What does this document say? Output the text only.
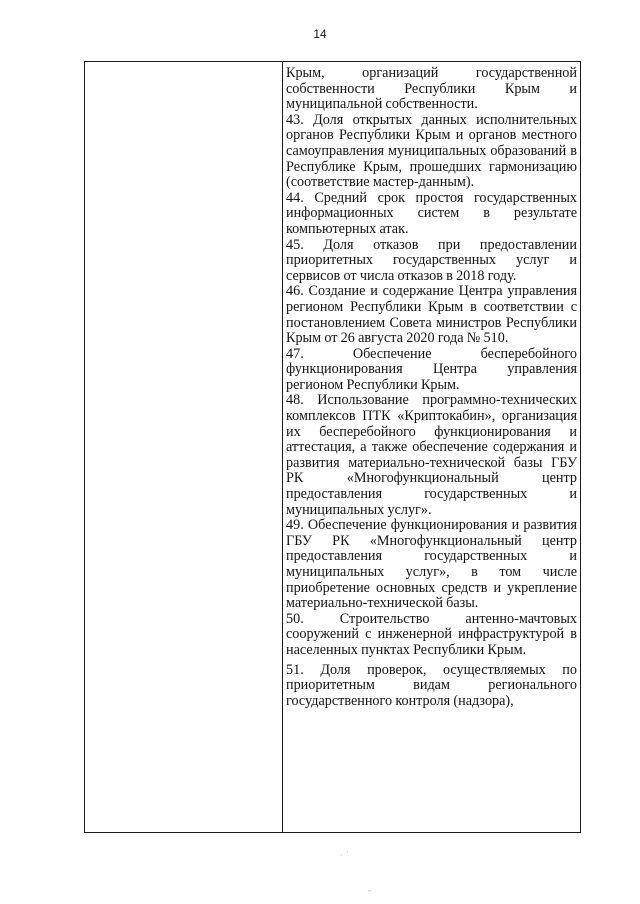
14

Крым, организаций государственной собственности Республики Крым и муниципальной собственности.

43. Доля открытых данных исполнительных органов Республики Крым и органов местного самоуправления муниципальных образований в Республике Крым, прошедших гармонизацию (соответствие мастер-данным).

44. Средний срок простоя государственных информационных систем в результате компьютерных атак.

45. Доля отказов при предоставлении приоритетных государственных услуг и сервисов от числа отказов в 2018 году.

46. Создание и содержание Центра управления регионом Республики Крым в соответствии с постановлением Совета министров Республики Крым от 26 августа 2020 года № 510.

47. Обеспечение бесперебойного функционирования Центра управления регионом Республики Крым.

48. Использование программно-технических комплексов ПТК «Криптокабин», организация их бесперебойного функционирования и аттестация, а также обеспечение содержания и развития материально-технической базы ГБУ РК «Многофункциональный центр предоставления государственных и муниципальных услуг».

49. Обеспечение функционирования и развития ГБУ РК «Многофункциональный центр предоставления государственных и муниципальных услуг», в том числе приобретение основных средств и укрепление материально-технической базы.

50. Строительство антенно-мачтовых сооружений с инженерной инфраструктурой в населенных пунктах Республики Крым.

51. Доля проверок, осуществляемых по приоритетным видам регионального государственного контроля (надзора),

⸱ ˙
‐
